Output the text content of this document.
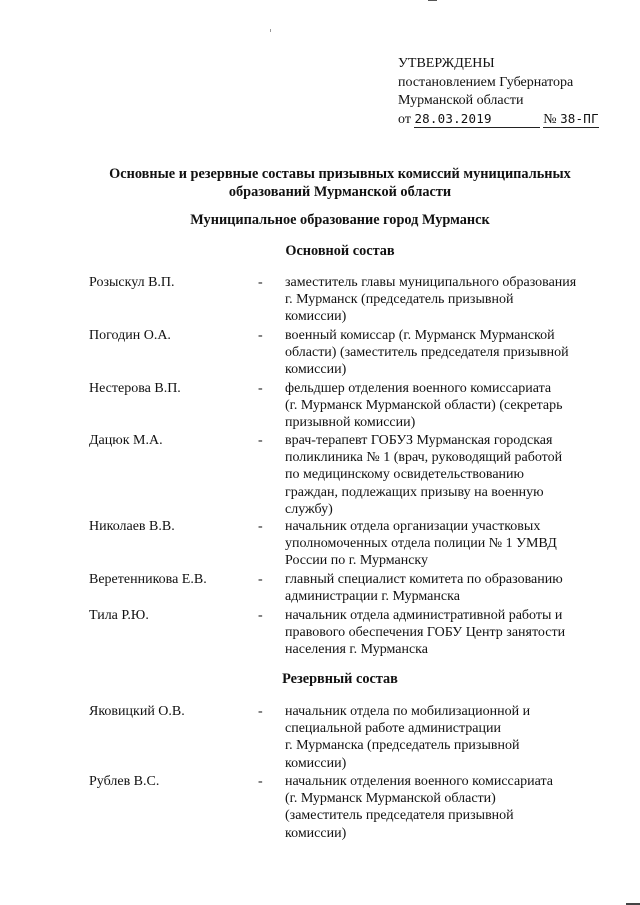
УТВЕРЖДЕНЫ
постановлением Губернатора
Мурманской области
от 28.03.2019	№ 38-ПГ
Основные и резервные составы призывных комиссий муниципальных
образований Мурманской области
Муниципальное образование город Мурманск
Основной состав
Розыскул В.П.	- заместитель главы муниципального образования
г. Мурманск (председатель призывной
комиссии)
Погодин О.А.	- военный комиссар (г. Мурманск Мурманской
области) (заместитель председателя призывной
комиссии)
Нестерова В.П.	- фельдшер отделения военного комиссариата
(г. Мурманск Мурманской области) (секретарь
призывной комиссии)
Дацюк М.А.	- врач-терапевт ГОБУЗ Мурманская городская
поликлиника № 1 (врач, руководящий работой
по медицинскому освидетельствованию
граждан, подлежащих призыву на военную
службу)
Николаев В.В.	- начальник отдела организации участковых
уполномоченных отдела полиции № 1 УМВД
России по г. Мурманску
Веретенникова Е.В.	- главный специалист комитета по образованию
администрации г. Мурманска
Тила Р.Ю.	- начальник отдела административной работы и
правового обеспечения ГОБУ Центр занятости
населения г. Мурманска
Резервный состав
Яковицкий О.В.	- начальник отдела по мобилизационной и
специальной работе администрации
г. Мурманска (председатель призывной
комиссии)
Рублев В.С.	- начальник отделения военного комиссариата
(г. Мурманск Мурманской области)
(заместитель председателя призывной
комиссии)
